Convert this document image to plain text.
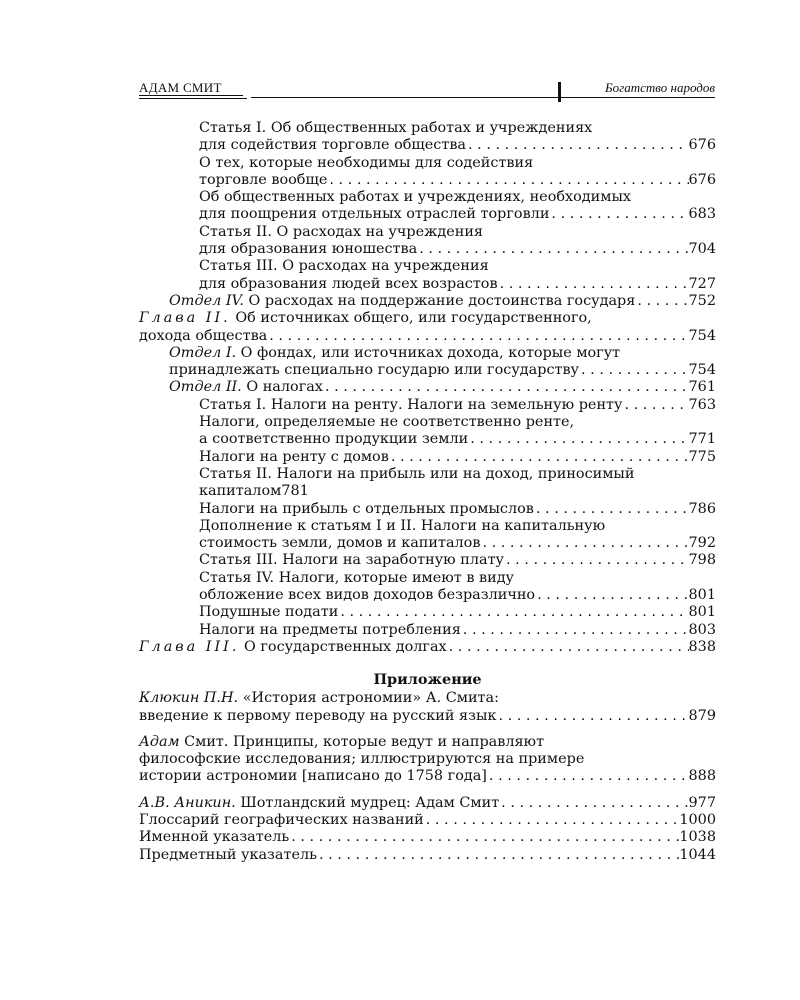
АДАМ СМИТ	Богатство народов
Статья I. Об общественных работах и учреждениях
для содействия торговле общества . . .	676
О тех, которые необходимы для содействия
торговле вообще . . .	676
Об общественных работах и учреждениях, необходимых
для поощрения отдельных отраслей торговли . . .	683
Статья II. О расходах на учреждения
для образования юношества . . .	704
Статья III. О расходах на учреждения
для образования людей всех возрастов . . .	727
Отдел IV.
О расходах на поддержание достоинства государя . . .	752
Глава II.
Об источниках общего, или государственного,
дохода общества . . .	754
Отдел I.
О фондах, или источниках дохода, которые могут
принадлежать специально государю или государству . . .	754
Отдел II.
О налогах . . .	761
Статья I. Налоги на ренту. Налоги на земельную ренту . . .	763
Налоги, определяемые не соответственно ренте,
а соответственно продукции земли . . .	771
Налоги на ренту с домов . . .	775
Статья II. Налоги на прибыль или на доход, приносимый
капиталом781
Налоги на прибыль с отдельных промыслов . . .	786
Дополнение к статьям I и II. Налоги на капитальную
стоимость земли, домов и капиталов . . .	792
Статья III. Налоги на заработную плату . . .	798
Статья IV. Налоги, которые имеют в виду
обложение всех видов доходов безразлично . . .	801
Подушные подати . . .	801
Налоги на предметы потребления . . .	803
Глава III.
О государственных долгах . . .	838
Приложение
Клюкин П.Н.
«История астрономии» А. Смита:
введение к первому переводу на русский язык . . .	879
Адам
Смит. Принципы, которые ведут и направляют
философские исследования; иллюстрируются на примере
истории астрономии [написано до 1758 года] . . .	888
А.В. Аникин.
Шотландский мудрец: Адам Смит . . .	977
Глоссарий географических названий . . .	1000
Именной указатель . . .	1038
Предметный указатель . . .	1044
